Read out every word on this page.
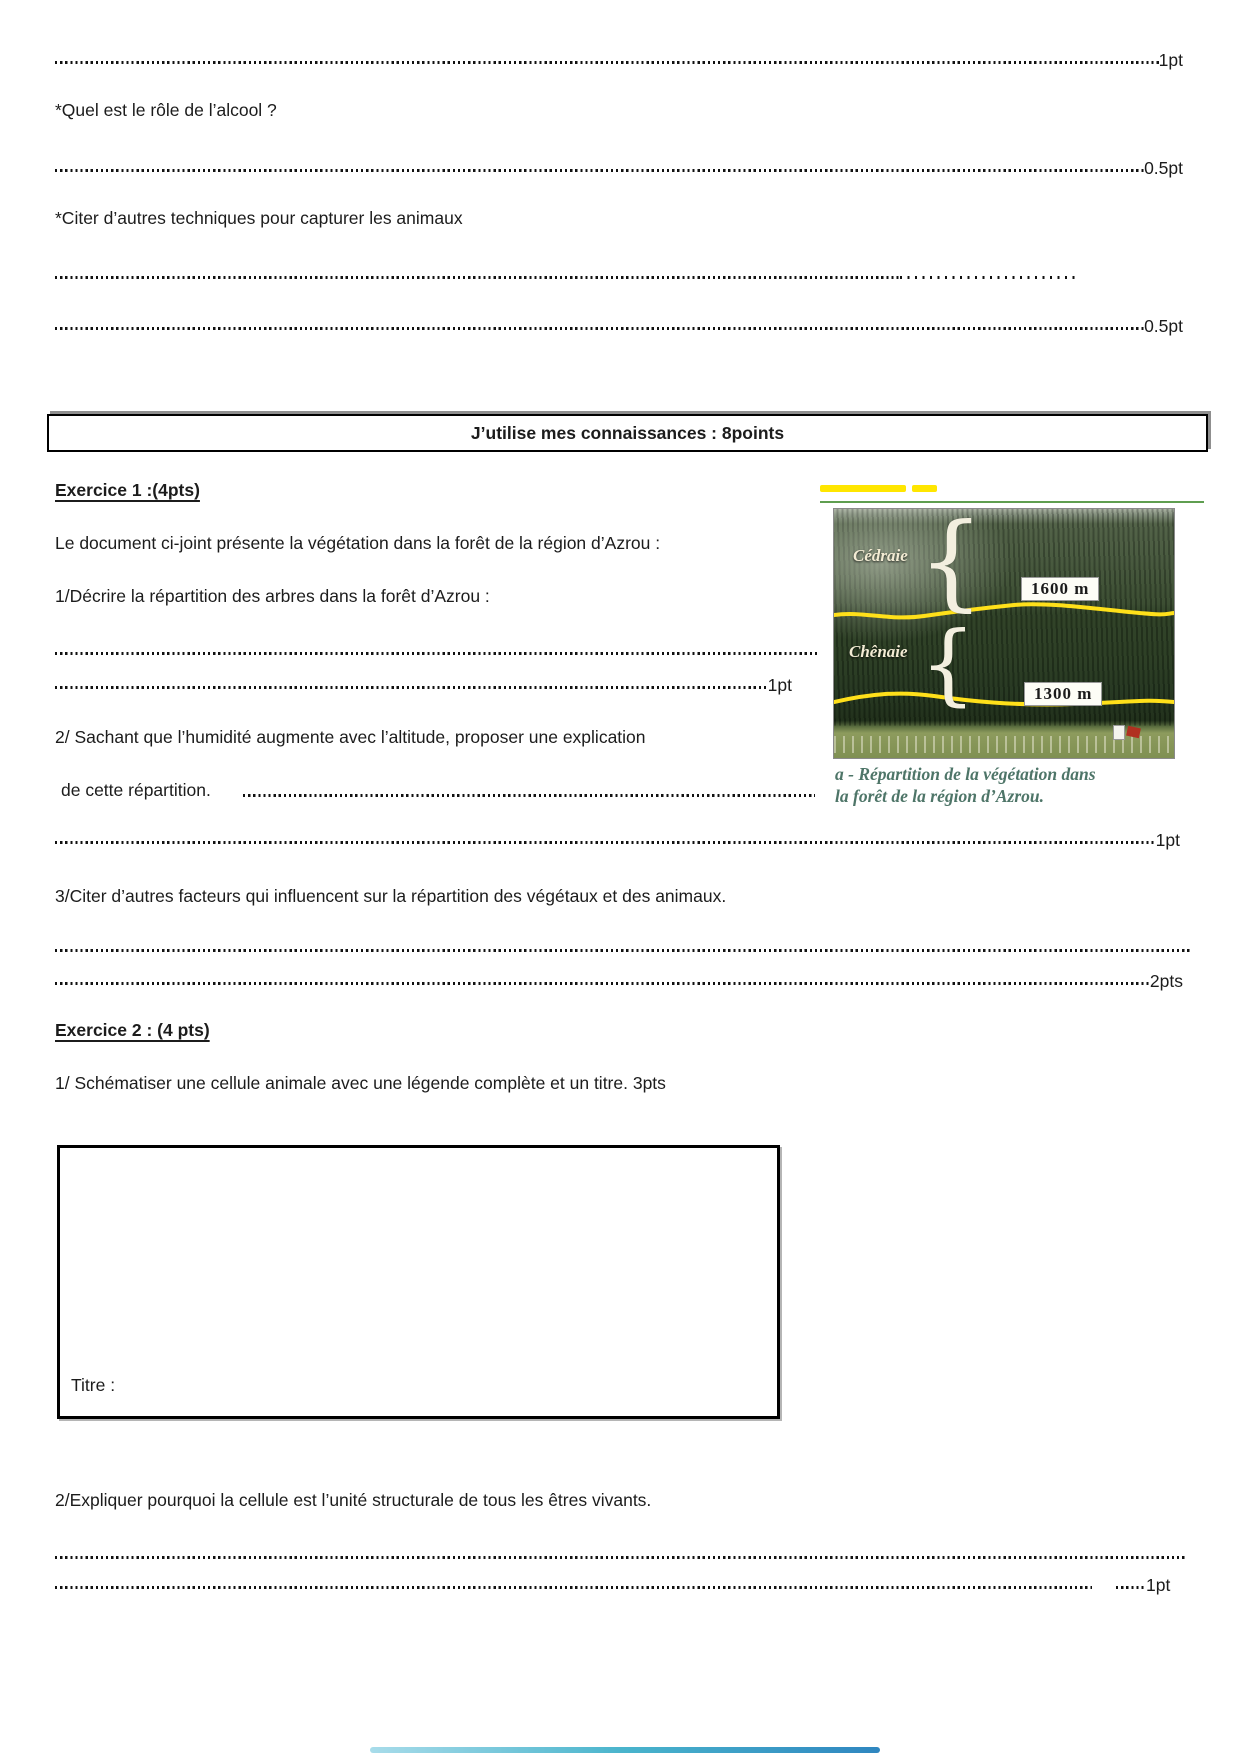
1pt
*Quel est le rôle de l’alcool ?
0.5pt
*Citer d’autres techniques pour capturer les animaux
0.5pt
J’utilise mes connaissances : 8points
Exercice 1 :(4pts)
Le document ci-joint présente la végétation dans la forêt de la région d’Azrou :
1/Décrire la répartition des arbres dans la forêt d’Azrou :
1pt
2/ Sachant que l’humidité augmente avec l’altitude, proposer une explication
de cette répartition.
1pt
3/Citer d’autres facteurs qui influencent sur la répartition des végétaux et des animaux.
2pts
Cédraie {	1600 m
Chênaie {	1300 m
a - Répartition de la végétation dans
la forêt de la région d’Azrou.
Exercice 2 : (4 pts)
1/ Schématiser une cellule animale avec une légende complète et un titre. 3pts
Titre :
2/Expliquer pourquoi la cellule est l’unité structurale de tous les êtres vivants.
1pt
